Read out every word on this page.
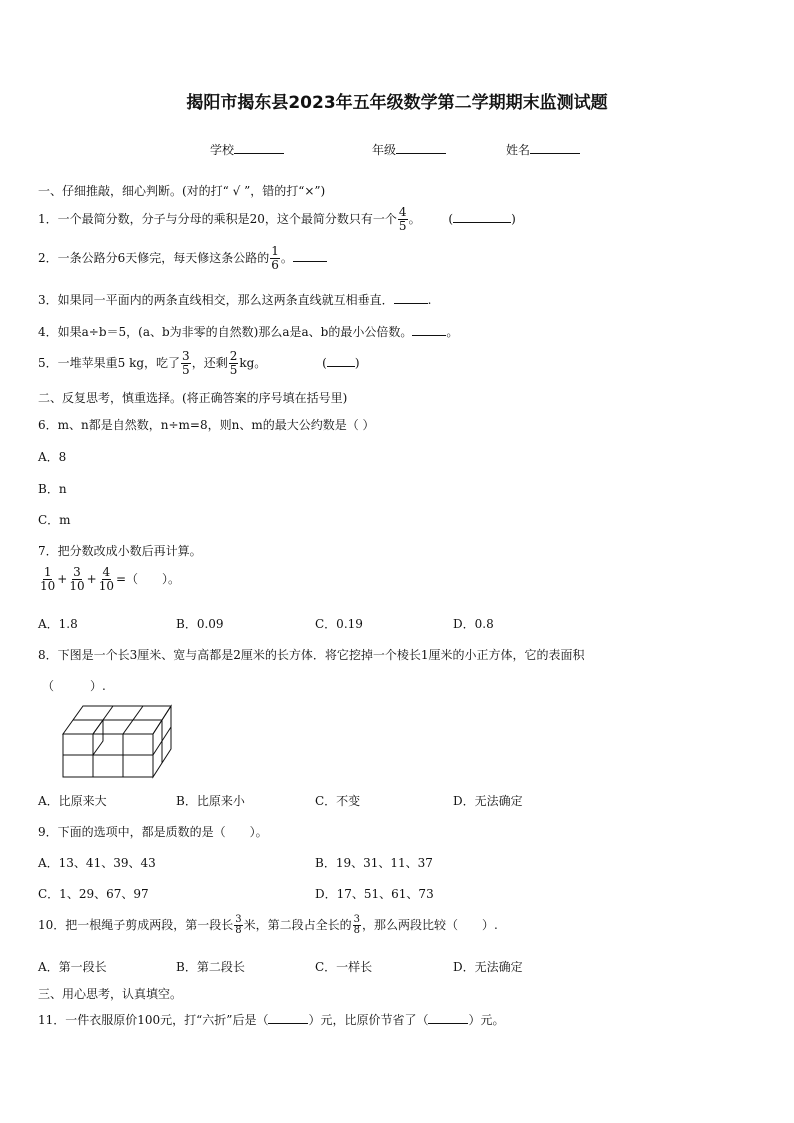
揭阳市揭东县2023年五年级数学第二学期期末监测试题
学校	年级	姓名
一、仔细推敲，细心判断。(对的打“ √ ”，错的打“×”)
1．一个最简分数，分子与分母的乘积是20，这个最简分数只有一个 $\frac{4}{5}$ 。 (	)
2．一条公路分6天修完，每天修这条公路的 $\frac{1}{6}$ 。
3．如果同一平面内的两条直线相交，那么这两条直线就互相垂直．	.
4．如果a÷b＝5，(a、b为非零的自然数)那么a是a、b的最小公倍数。	。
5．一堆苹果重5 kg，吃了 $\frac{3}{5}$ ，还剩 $\frac{2}{5}$ kg。	( )
二、反复思考，慎重选择。(将正确答案的序号填在括号里)
6．m、n都是自然数，n÷m=8，则n、m的最大公约数是（ ）
A．8
B．n
C．m
7．把分数改成小数后再计算。
$\frac{1}{10} + \frac{3}{10} + \frac{4}{10}$ =（　　）。
A．1.8	B．0.09	C．0.19	D．0.8
8．下图是一个长3厘米、宽与高都是2厘米的长方体．将它挖掉一个棱长1厘米的小正方体，它的表面积
（　　　）.
A．比原来大	B．比原来小	C．不变	D．无法确定
9．下面的选项中，都是质数的是（　　）。
A．13、41、39、43	B．19、31、11、37
C．1、29、67、97	D．17、51、61、73
10．把一根绳子剪成两段，第一段长 $\frac{3}{8}$ 米，第二段占全长的 $\frac{3}{8}$ ，那么两段比较（　　）.
A．第一段长	B．第二段长	C．一样长	D．无法确定
三、用心思考，认真填空。
11．一件衣服原价100元，打“六折”后是（	）元，比原价节省了（	）元。
